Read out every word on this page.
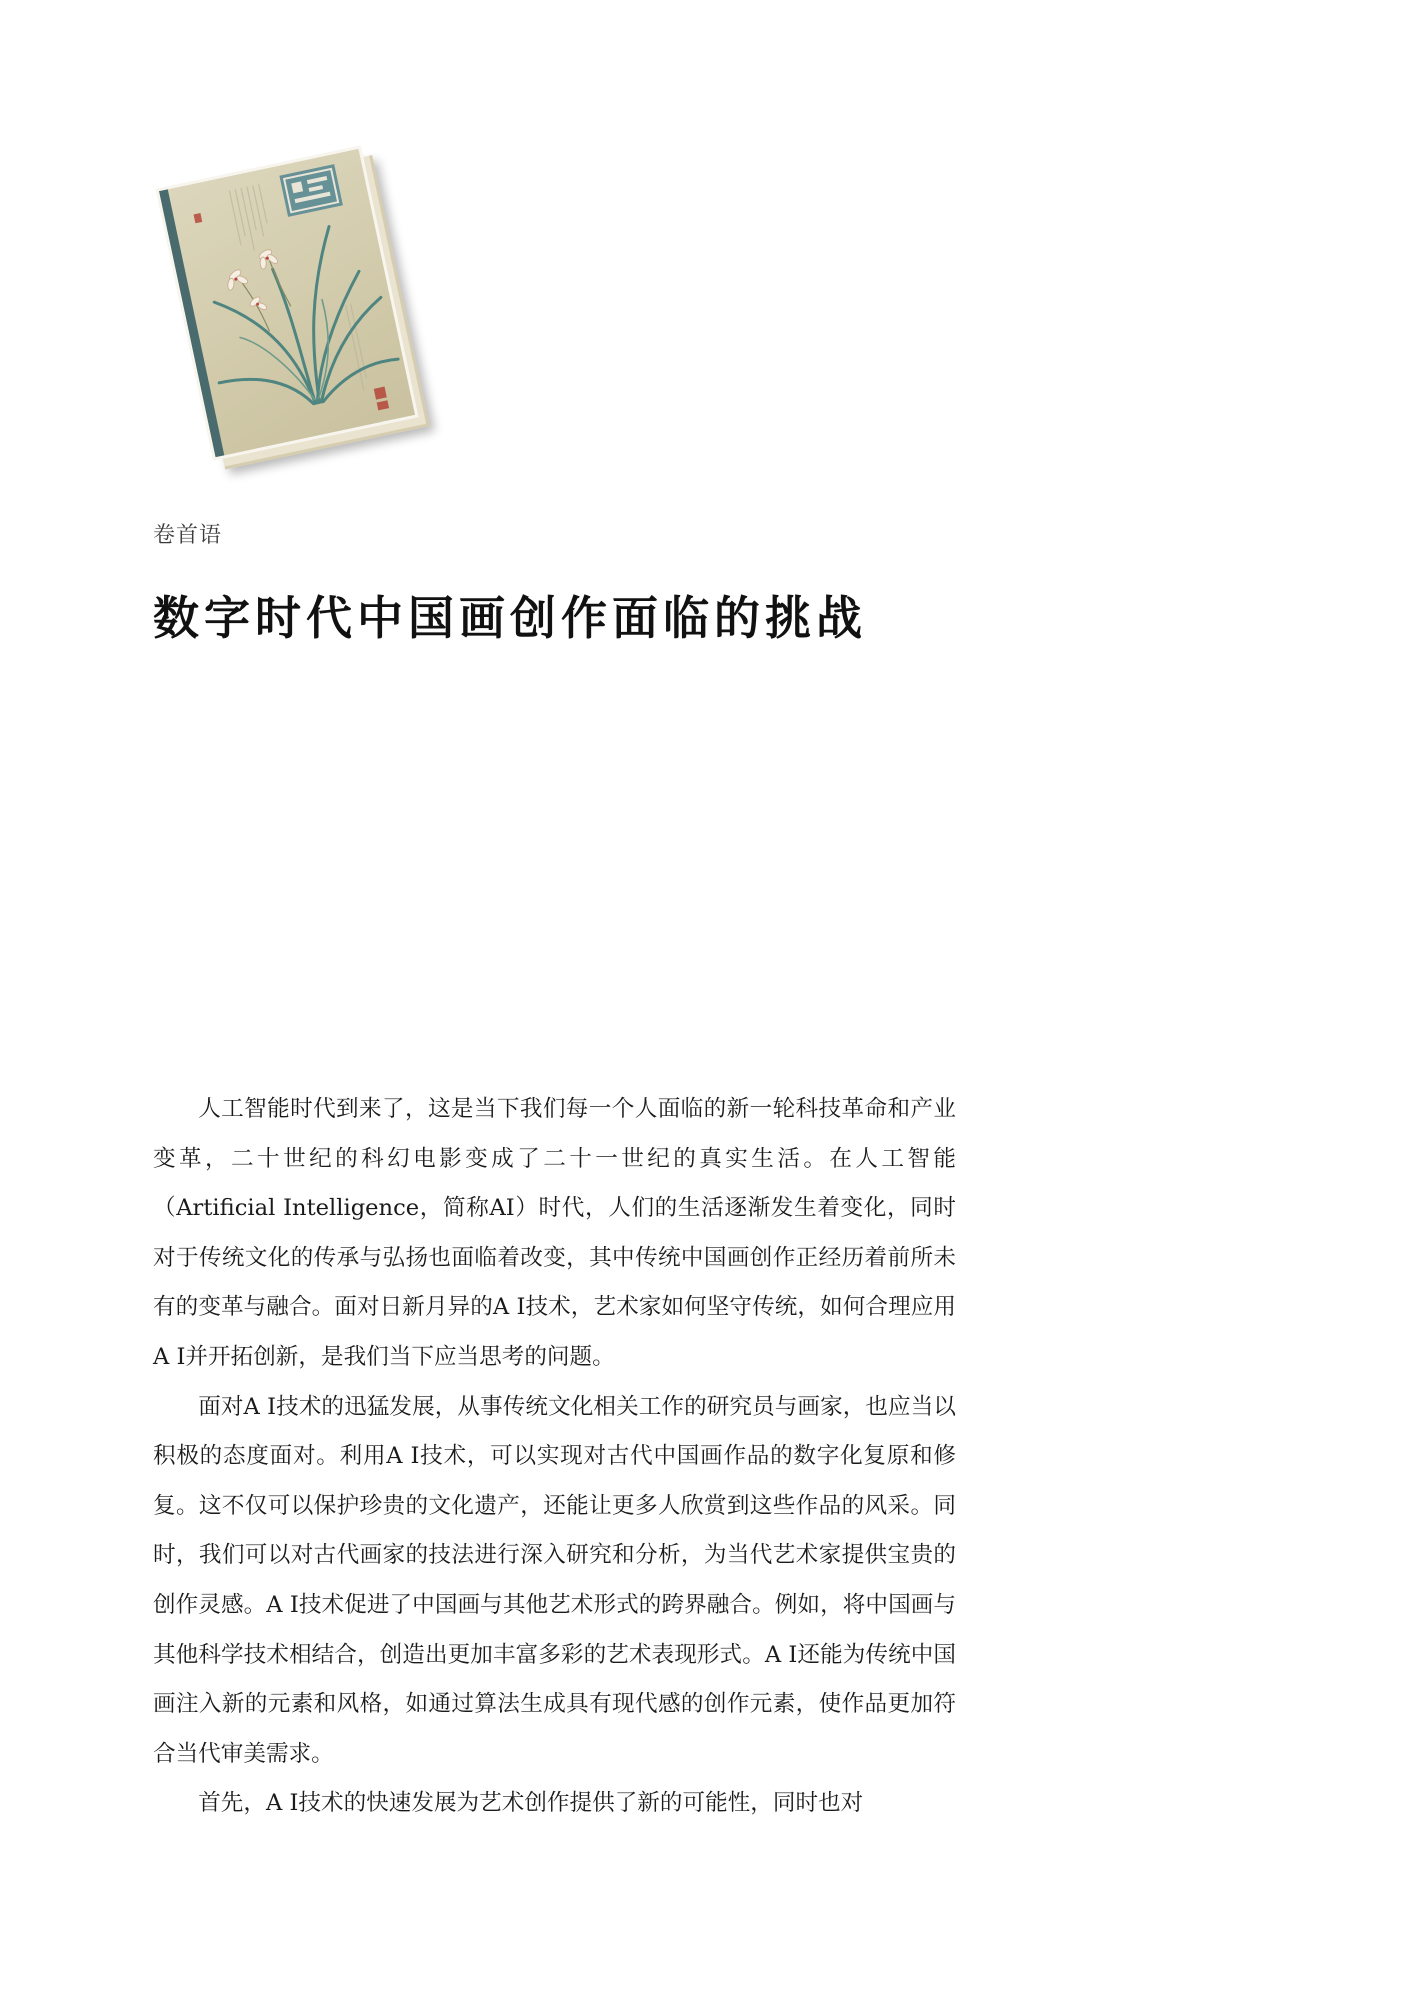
卷首语
数字时代中国画创作面临的挑战

人工智能时代到来了，这是当下我们每一个人面临的新一轮科技革命和产业变革，二十世纪的科幻电影变成了二十一世纪的真实生活。在人工智能（Artificial Intelligence，简称AI）时代，人们的生活逐渐发生着变化，同时对于传统文化的传承与弘扬也面临着改变，其中传统中国画创作正经历着前所未有的变革与融合。面对日新月异的A I技术，艺术家如何坚守传统，如何合理应用A I并开拓创新，是我们当下应当思考的问题。

面对A I技术的迅猛发展，从事传统文化相关工作的研究员与画家，也应当以积极的态度面对。利用A I技术，可以实现对古代中国画作品的数字化复原和修复。这不仅可以保护珍贵的文化遗产，还能让更多人欣赏到这些作品的风采。同时，我们可以对古代画家的技法进行深入研究和分析，为当代艺术家提供宝贵的创作灵感。A I技术促进了中国画与其他艺术形式的跨界融合。例如，将中国画与其他科学技术相结合，创造出更加丰富多彩的艺术表现形式。A I还能为传统中国画注入新的元素和风格，如通过算法生成具有现代感的创作元素，使作品更加符合当代审美需求。

首先，A I技术的快速发展为艺术创作提供了新的可能性，同时也对
